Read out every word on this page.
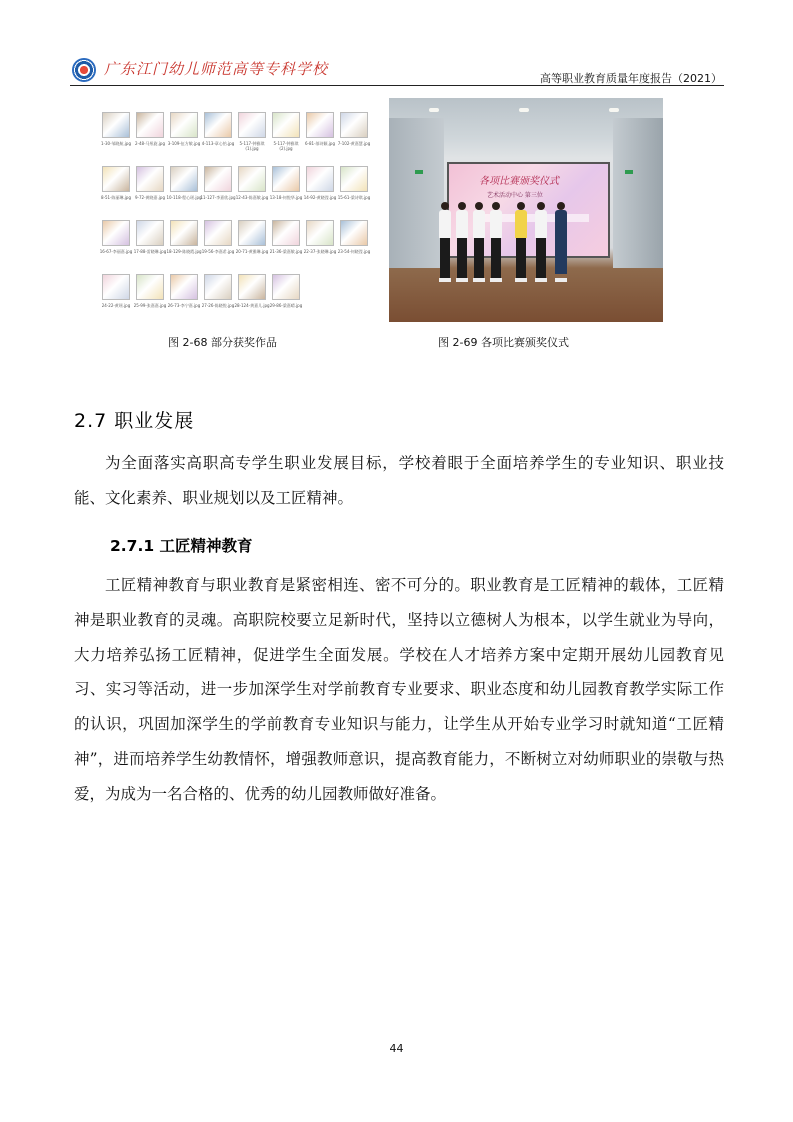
广东江门幼儿师范高等专科学校
高等职业教育质量年度报告（2021）
1-30-邹晓航.jpg	2-48-马彤旋.jpg 3-109-伍方敏.jpg 4-113-章心怡.jpg	5-117-钟雅琪(1).jpg
5-117-钟雅琪(2).jpg
6-81-邬诗颖.jpg 7-102-黄嘉慧.jpg
8-51-陈丽琳.jpg	9-72-黄晓嘉.jpg 10-118-程心瑶.jpg
11-127-李嘉欣.jpg 12-43-陈嘉敏.jpg 13-18-何悦华.jpg 14-92-黄晓滢.jpg 15-61-梁诗琪.jpg
16-67-李丽嘉.jpg 17-88-雷晓琳.jpg 18-129-陈晓霞.jpg 19-56-李嘉希.jpg 20-71-黄雅琳.jpg 21-36-梁嘉敏.jpg 22-37-张晓琳.jpg 23-54-何晓滢.jpg
24-22-黄瑶.jpg 25-99-张嘉嘉.jpg 26-73-李宁嘉.jpg 27-26-陈晓悦.jpg 28-124-黄嘉儿.jpg 29-86-梁嘉晴.jpg
各项比赛颁奖仪式
艺术活动中心 第三位
图 2-68 部分获奖作品	图 2-69 各项比赛颁奖仪式
2.7 职业发展
为全面落实高职高专学生职业发展目标，学校着眼于全面培养学生的专业知识、职业技能、文化素养、职业规划以及工匠精神。
2.7.1 工匠精神教育
工匠精神教育与职业教育是紧密相连、密不可分的。职业教育是工匠精神的载体，工匠精神是职业教育的灵魂。高职院校要立足新时代，坚持以立德树人为根本，以学生就业为导向，大力培养弘扬工匠精神，促进学生全面发展。学校在人才培养方案中定期开展幼儿园教育见习、实习等活动，进一步加深学生对学前教育专业要求、职业态度和幼儿园教育教学实际工作的认识，巩固加深学生的学前教育专业知识与能力，让学生从开始专业学习时就知道“工匠精神”，进而培养学生幼教情怀，增强教师意识，提高教育能力，不断树立对幼师职业的崇敬与热爱，为成为一名合格的、优秀的幼儿园教师做好准备。
44
